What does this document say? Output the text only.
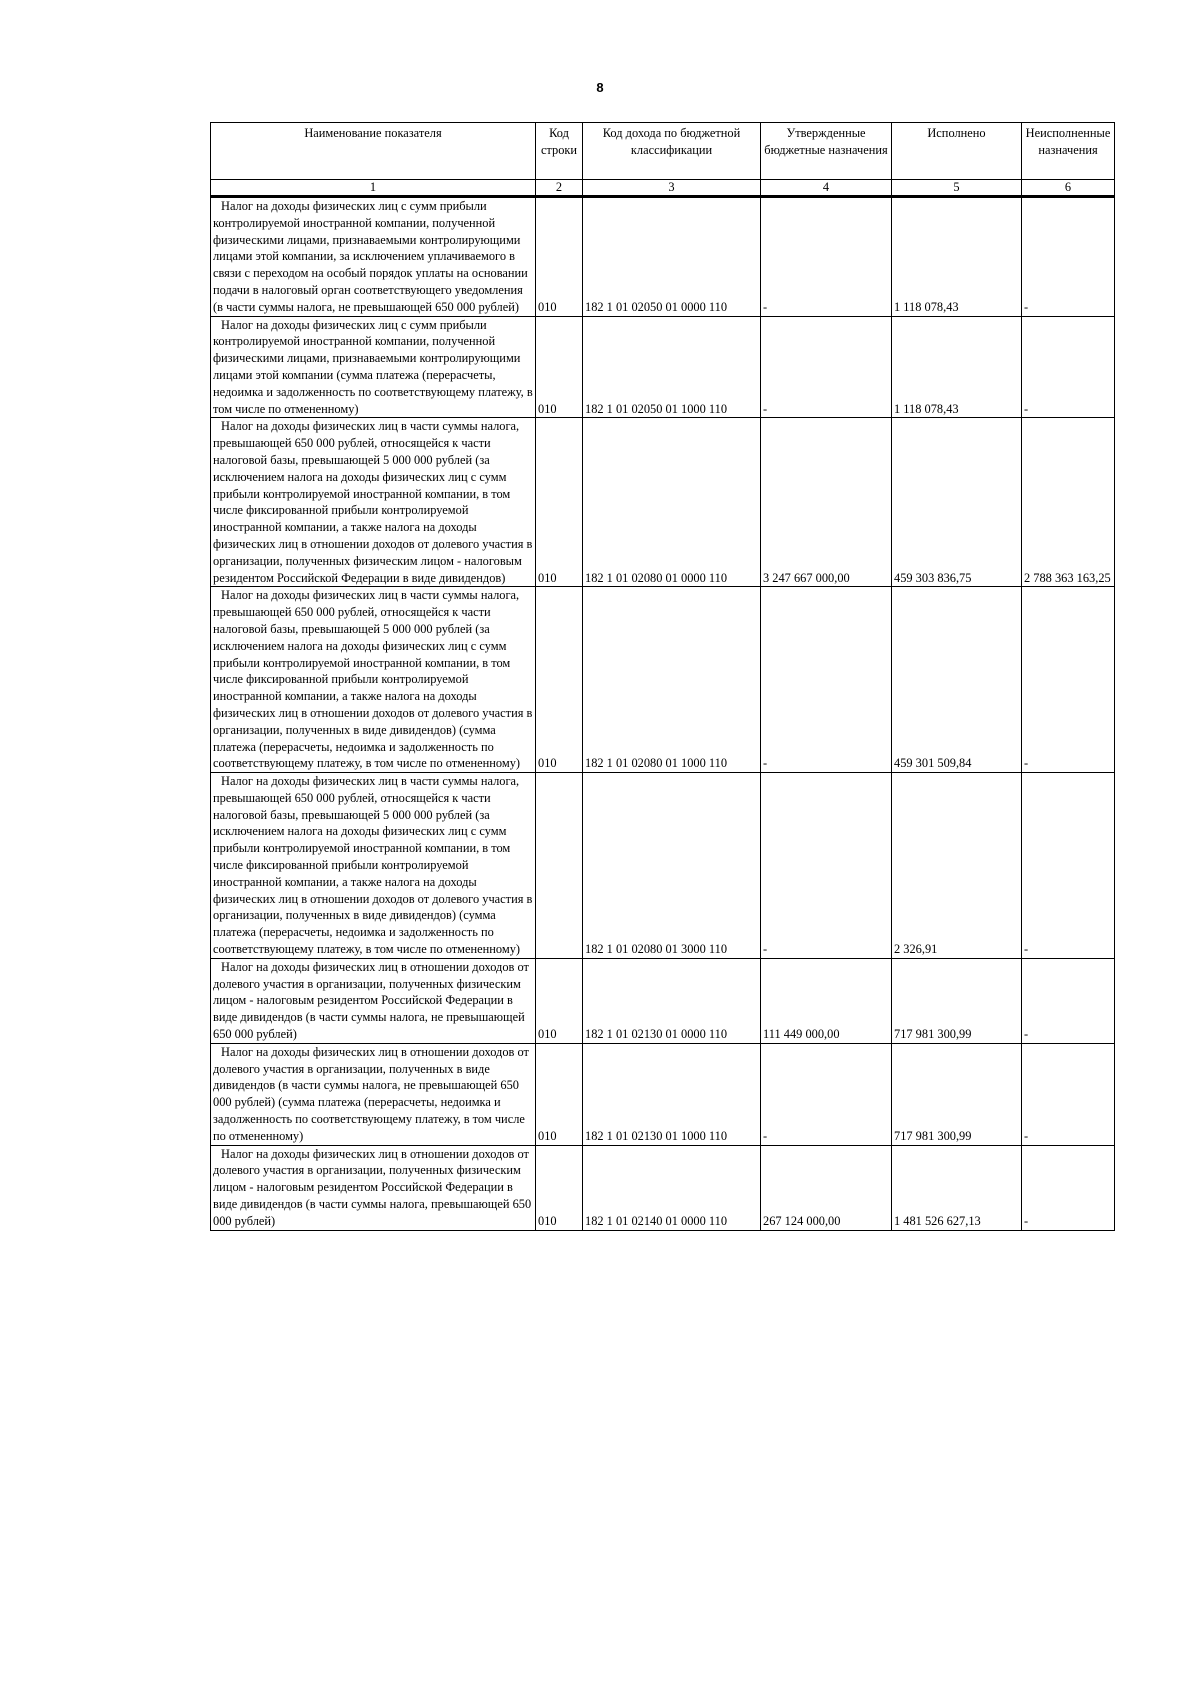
8
Наименование показателя	Код строки	Код дохода по бюджетной классификации	Утвержденные бюджетные назначения	Исполнено	Неисполненные назначения
1	2	3	4	5	6

Налог на доходы физических лиц с сумм прибыли контролируемой иностранной компании, полученной физическими лицами, признаваемыми контролирующими лицами этой компании, за исключением уплачиваемого в связи с переходом на особый порядок уплаты на основании подачи в налоговый орган соответствующего уведомления (в части суммы налога, не превышающей 650 000 рублей)	010	182 1 01 02050 01 0000 110	-	1 118 078,43	-

Налог на доходы физических лиц с сумм прибыли контролируемой иностранной компании, полученной физическими лицами, признаваемыми контролирующими лицами этой компании (сумма платежа (перерасчеты, недоимка и задолженность по соответствующему платежу, в том числе по отмененному)	010	182 1 01 02050 01 1000 110	-	1 118 078,43	-

Налог на доходы физических лиц в части суммы налога, превышающей 650 000 рублей, относящейся к части налоговой базы, превышающей 5 000 000 рублей (за исключением налога на доходы физических лиц с сумм прибыли контролируемой иностранной компании, в том числе фиксированной прибыли контролируемой иностранной компании, а также налога на доходы физических лиц в отношении доходов от долевого участия в организации, полученных физическим лицом - налоговым резидентом Российской Федерации в виде дивидендов)	010	182 1 01 02080 01 0000 110	3 247 667 000,00	459 303 836,75	2 788 363 163,25

Налог на доходы физических лиц в части суммы налога, превышающей 650 000 рублей, относящейся к части налоговой базы, превышающей 5 000 000 рублей (за исключением налога на доходы физических лиц с сумм прибыли контролируемой иностранной компании, в том числе фиксированной прибыли контролируемой иностранной компании, а также налога на доходы физических лиц в отношении доходов от долевого участия в организации, полученных в виде дивидендов) (сумма платежа (перерасчеты, недоимка и задолженность по соответствующему платежу, в том числе по отмененному)	010	182 1 01 02080 01 1000 110	-	459 301 509,84	-

Налог на доходы физических лиц в части суммы налога, превышающей 650 000 рублей, относящейся к части налоговой базы, превышающей 5 000 000 рублей (за исключением налога на доходы физических лиц с сумм прибыли контролируемой иностранной компании, в том числе фиксированной прибыли контролируемой иностранной компании, а также налога на доходы физических лиц в отношении доходов от долевого участия в организации, полученных в виде дивидендов) (сумма платежа (перерасчеты, недоимка и задолженность по соответствующему платежу, в том числе по отмененному)		182 1 01 02080 01 3000 110	-	2 326,91	-

Налог на доходы физических лиц в отношении доходов от долевого участия в организации, полученных физическим лицом - налоговым резидентом Российской Федерации в виде дивидендов (в части суммы налога, не превышающей 650 000 рублей)	010	182 1 01 02130 01 0000 110	111 449 000,00	717 981 300,99	-

Налог на доходы физических лиц в отношении доходов от долевого участия в организации, полученных в виде дивидендов (в части суммы налога, не превышающей 650 000 рублей) (сумма платежа (перерасчеты, недоимка и задолженность по соответствующему платежу, в том числе по отмененному)	010	182 1 01 02130 01 1000 110	-	717 981 300,99	-

Налог на доходы физических лиц в отношении доходов от долевого участия в организации, полученных физическим лицом - налоговым резидентом Российской Федерации в виде дивидендов (в части суммы налога, превышающей 650 000 рублей)	010	182 1 01 02140 01 0000 110	267 124 000,00	1 481 526 627,13	-
